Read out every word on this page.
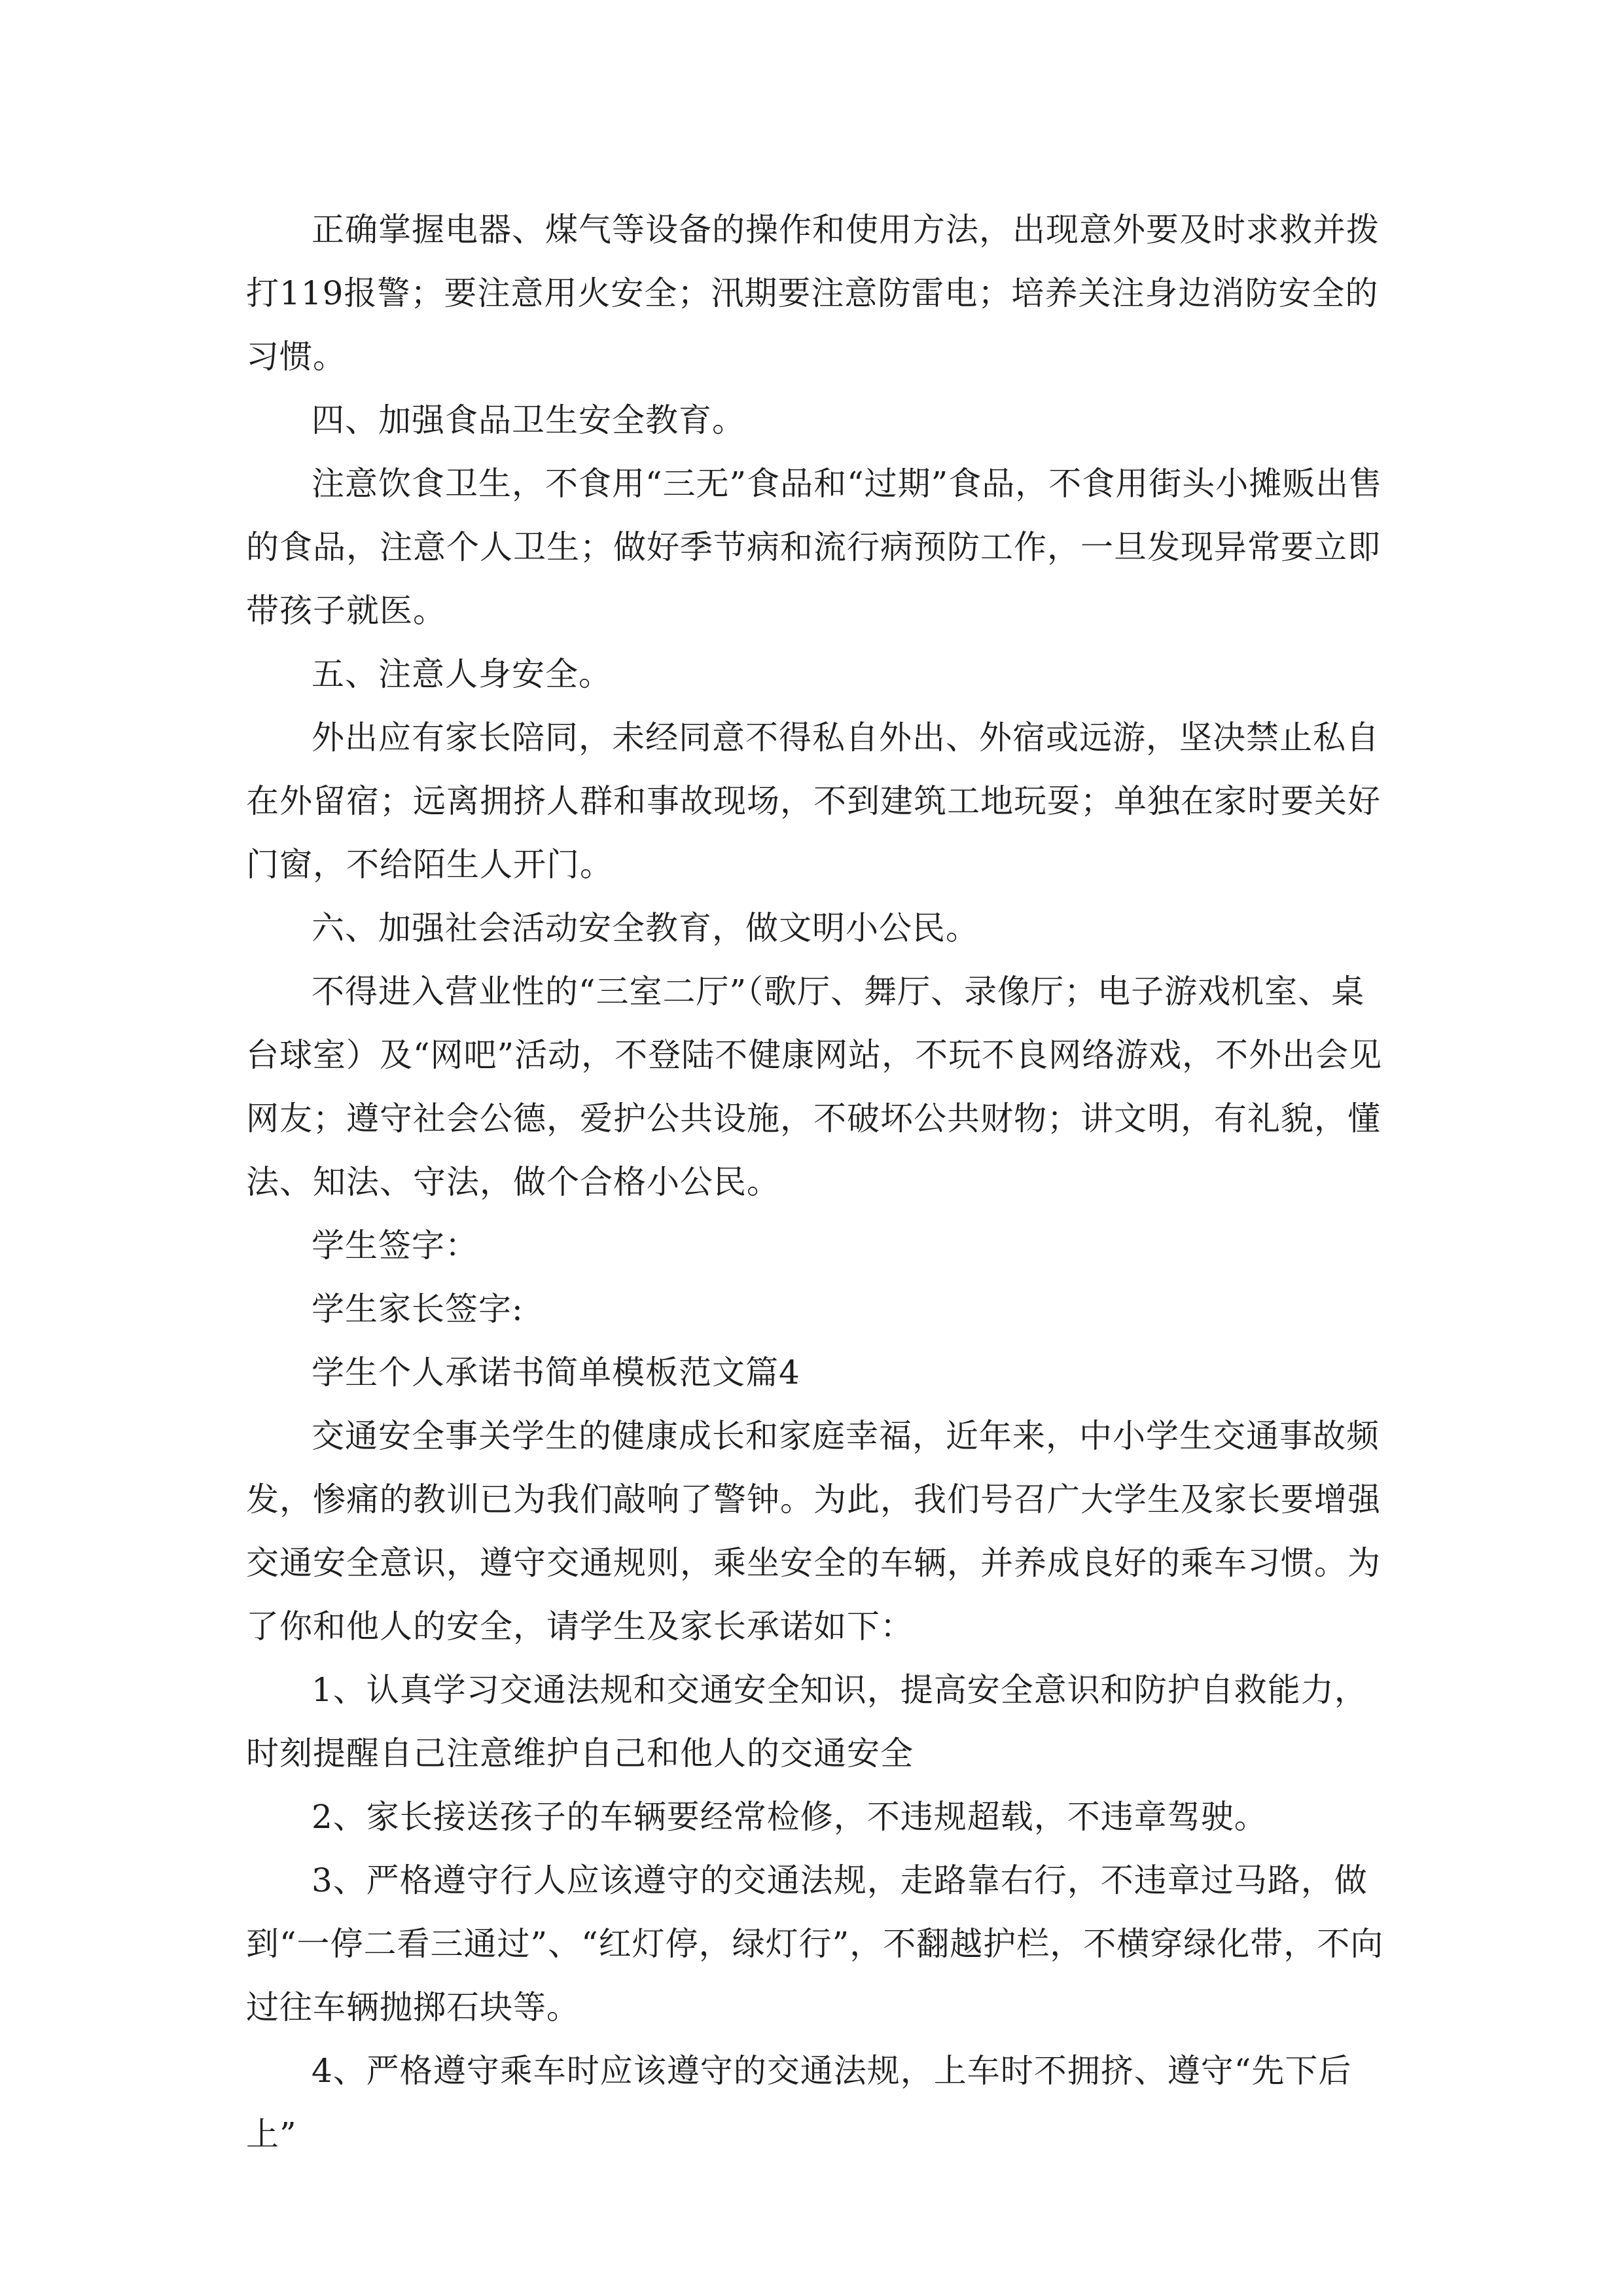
正确掌握电器、煤气等设备的操作和使用方法，出现意外要及时求救并拨打119报警；要注意用火安全；汛期要注意防雷电；培养关注身边消防安全的习惯。

四、加强食品卫生安全教育。

注意饮食卫生，不食用“三无”食品和“过期”食品，不食用街头小摊贩出售的食品，注意个人卫生；做好季节病和流行病预防工作，一旦发现异常要立即带孩子就医。

五、注意人身安全。

外出应有家长陪同，未经同意不得私自外出、外宿或远游，坚决禁止私自在外留宿；远离拥挤人群和事故现场，不到建筑工地玩耍；单独在家时要关好门窗，不给陌生人开门。

六、加强社会活动安全教育，做文明小公民。

不得进入营业性的“三室二厅”（歌厅、舞厅、录像厅；电子游戏机室、桌台球室）及“网吧”活动，不登陆不健康网站，不玩不良网络游戏，不外出会见网友；遵守社会公德，爱护公共设施，不破坏公共财物；讲文明，有礼貌，懂法、知法、守法，做个合格小公民。

学生签字：

学生家长签字:

学生个人承诺书简单模板范文篇4

交通安全事关学生的健康成长和家庭幸福，近年来，中小学生交通事故频发，惨痛的教训已为我们敲响了警钟。为此，我们号召广大学生及家长要增强交通安全意识，遵守交通规则，乘坐安全的车辆，并养成良好的乘车习惯。为了你和他人的安全，请学生及家长承诺如下：

1、认真学习交通法规和交通安全知识，提高安全意识和防护自救能力，时刻提醒自己注意维护自己和他人的交通安全

2、家长接送孩子的车辆要经常检修，不违规超载，不违章驾驶。

3、严格遵守行人应该遵守的交通法规，走路靠右行，不违章过马路，做到“一停二看三通过”、“红灯停，绿灯行”，不翻越护栏，不横穿绿化带，不向过往车辆抛掷石块等。

4、严格遵守乘车时应该遵守的交通法规，上车时不拥挤、遵守“先下后上”
